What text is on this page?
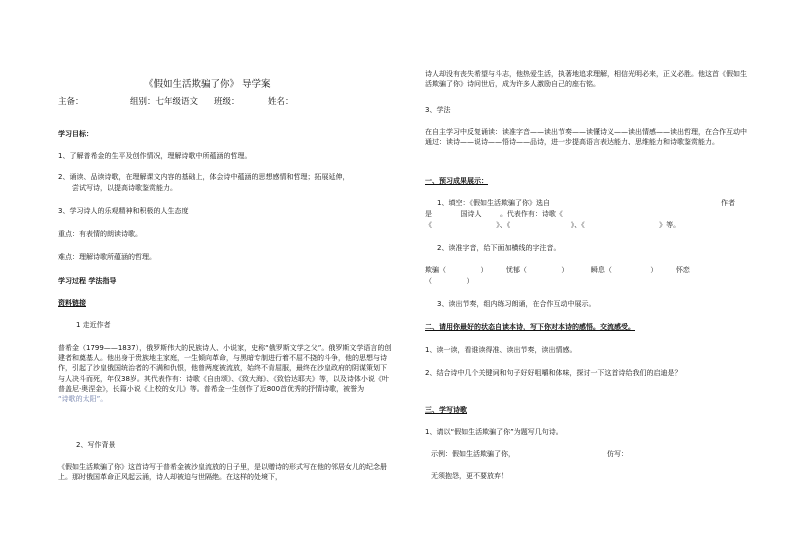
《假如生活欺骗了你》 导学案
主备：	组别：七年级语文 班级：	姓名：
学习目标：
1、了解普希金的生平及创作情况，理解诗歌中所蕴涵的哲理。
2、诵读、品读诗歌，在理解课文内容的基础上，体会诗中蕴涵的思想感情和哲理；拓展延伸，
尝试写诗，以提高诗歌鉴赏能力。
3、学习诗人的乐观精神和积极的人生态度
重点：有表情的朗读诗歌。
难点：理解诗歌所蕴涵的哲理。
学习过程 学法指导
资料链接
1 走近作者
普希金（1799——1837），俄罗斯伟大的民族诗人、小说家，史称“俄罗斯文学之父”。俄罗斯文学语言的创建者和奠基人。他出身于贵族地主家庭，一生倾向革命，与黑暗专制进行着不屈不挠的斗争，他的思想与诗作，引起了沙皇俄国统治者的不满和仇恨，他曾两度被流放，始终不肯屈服，最终在沙皇政府的阴谋策划下与人决斗而死，年仅38岁。其代表作有：诗歌《自由颂》、《致大海》、《致恰达耶夫》等，以及诗体小说《叶普盖尼·奥涅金》，长篇小说《上校的女儿》等。普希金一生创作了近800首优秀的抒情诗歌，被誉为
“诗歌的太阳”。
2、写作背景
《假如生活欺骗了你》这首诗写于普希金被沙皇流放的日子里，是以赠诗的形式写在他的邻居女儿的纪念册上。那时俄国革命正风起云涌，诗人却被迫与世隔绝。在这样的处境下，
诗人却没有丧失希望与斗志，他热爱生活，执著地追求理解，相信光明必来，正义必胜。他这首《假如生活欺骗了你》诗问世后，成为许多人激励自己的座右铭。
3、学法
在自主学习中反复诵读：读准字音——读出节奏——读懂诗义——读出情感——读出哲理，在合作互动中通过：读诗——说诗——悟诗——品诗，进一步提高语言表达能力、思维能力和诗歌鉴赏能力。
一、预习成果展示：
1、填空：《假如生活欺骗了你》选自	作者
是	国诗人	。代表作有：诗歌《
《	》、《	》、《	》等。
2、读准字音，给下面加横线的字注音。
欺骗（	）	忧郁（	）	瞬息（	）	怀恋
（	）
3、读出节奏，组内练习朗诵，在合作互动中展示。
二、请用你最好的状态自读本诗，写下你对本诗的感悟。交流感受。
1、读一读，看谁读得准、读出节奏，读出情感。
2、结合诗中几个关键词和句子好好咀嚼和体味，探讨一下这首诗给我们的启迪是？
三、学写诗歌
1、请以“假如生活欺骗了你”为题写几句诗。
示例：假如生活欺骗了你，	仿写：
无须抱怨，更不要放弃！
